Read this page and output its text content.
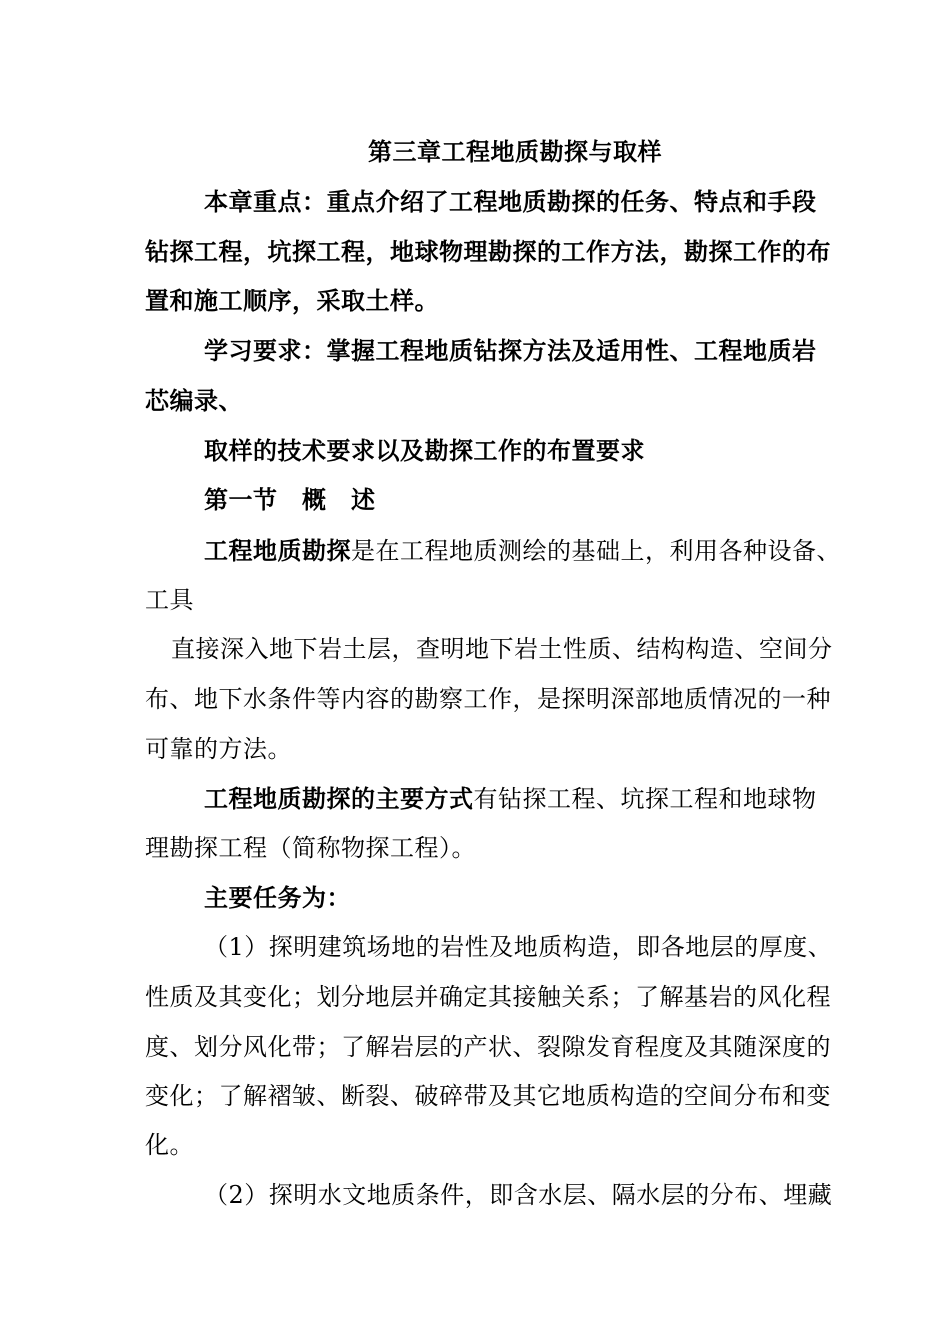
第三章工程地质勘探与取样
本章重点：重点介绍了工程地质勘探的任务、特点和手段
钻探工程，坑探工程，地球物理勘探的工作方法，勘探工作的布
置和施工顺序，采取土样。
学习要求：掌握工程地质钻探方法及适用性、工程地质岩
芯编录、
取样的技术要求以及勘探工作的布置要求
第一节　概　述
工程地质勘探是在工程地质测绘的基础上，利用各种设备、
工具
直接深入地下岩土层，查明地下岩土性质、结构构造、空间分
布、地下水条件等内容的勘察工作，是探明深部地质情况的一种
可靠的方法。
工程地质勘探的主要方式有钻探工程、坑探工程和地球物
理勘探工程（简称物探工程）。
主要任务为：
（1）探明建筑场地的岩性及地质构造，即各地层的厚度、
性质及其变化；划分地层并确定其接触关系；了解基岩的风化程
度、划分风化带；了解岩层的产状、裂隙发育程度及其随深度的
变化；了解褶皱、断裂、破碎带及其它地质构造的空间分布和变
化。
（2）探明水文地质条件，即含水层、隔水层的分布、埋藏
